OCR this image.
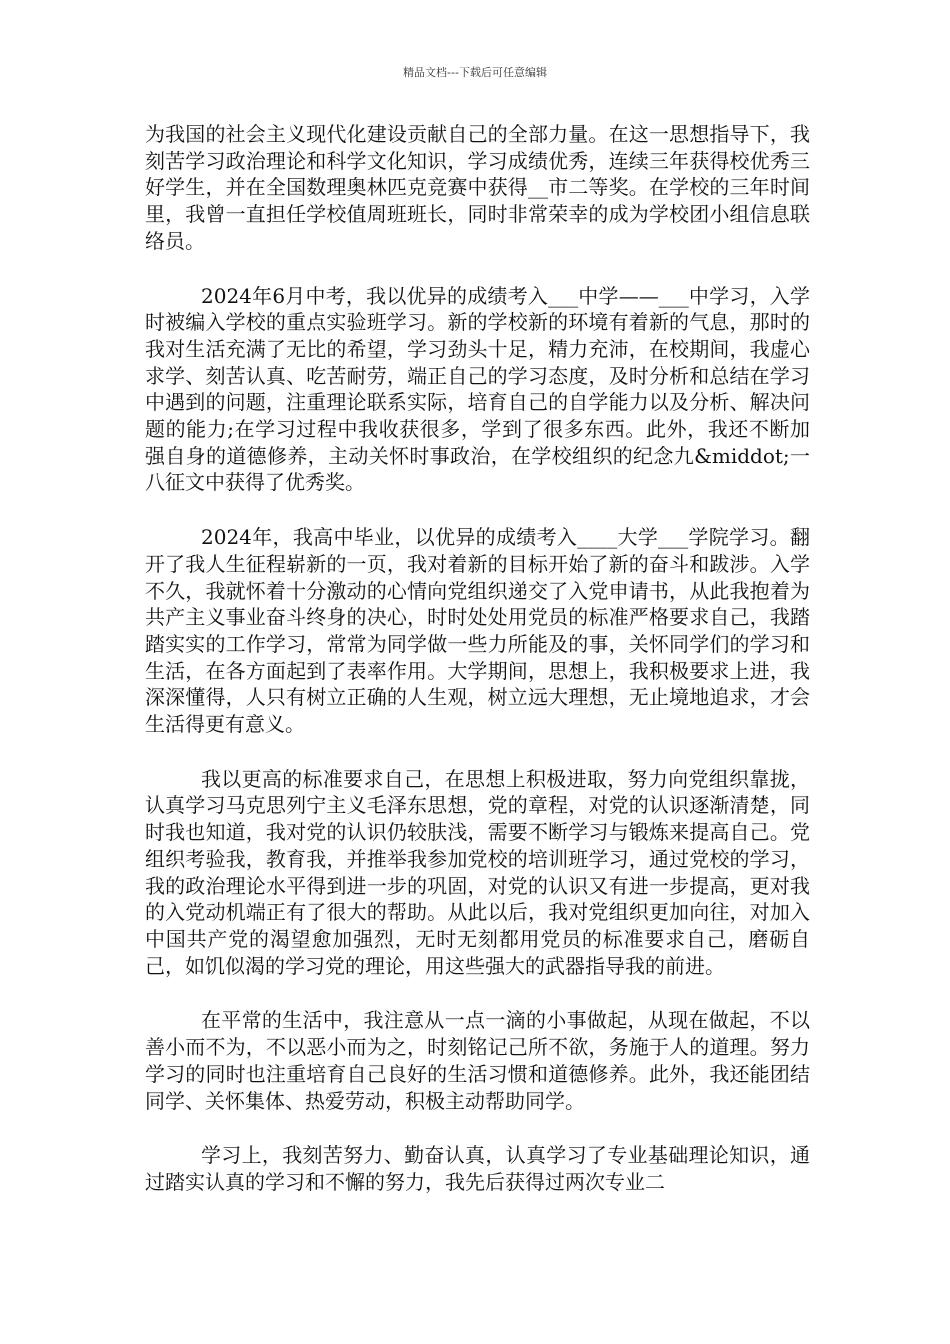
精品文档---下载后可任意编辑

为我国的社会主义现代化建设贡献自己的全部力量。在这一思想指导下，我刻苦学习政治理论和科学文化知识，学习成绩优秀，连续三年获得校优秀三好学生，并在全国数理奥林匹克竞赛中获得__市二等奖。在学校的三年时间里，我曾一直担任学校值周班班长，同时非常荣幸的成为学校团小组信息联络员。

2024年6月中考，我以优异的成绩考入___中学——___中学习，入学时被编入学校的重点实验班学习。新的学校新的环境有着新的气息，那时的我对生活充满了无比的希望，学习劲头十足，精力充沛，在校期间，我虚心求学、刻苦认真、吃苦耐劳，端正自己的学习态度，及时分析和总结在学习中遇到的问题，注重理论联系实际，培育自己的自学能力以及分析、解决问题的能力;在学习过程中我收获很多，学到了很多东西。此外，我还不断加强自身的道德修养，主动关怀时事政治，在学校组织的纪念九&middot;一八征文中获得了优秀奖。

2024年，我高中毕业，以优异的成绩考入____大学___学院学习。翻开了我人生征程崭新的一页，我对着新的目标开始了新的奋斗和跋涉。入学不久，我就怀着十分激动的心情向党组织递交了入党申请书，从此我抱着为共产主义事业奋斗终身的决心，时时处处用党员的标准严格要求自己，我踏踏实实的工作学习，常常为同学做一些力所能及的事，关怀同学们的学习和生活，在各方面起到了表率作用。大学期间，思想上，我积极要求上进，我深深懂得，人只有树立正确的人生观，树立远大理想，无止境地追求，才会生活得更有意义。

我以更高的标准要求自己，在思想上积极进取，努力向党组织靠拢，认真学习马克思列宁主义毛泽东思想，党的章程，对党的认识逐渐清楚，同时我也知道，我对党的认识仍较肤浅，需要不断学习与锻炼来提高自己。党组织考验我，教育我，并推举我参加党校的培训班学习，通过党校的学习，我的政治理论水平得到进一步的巩固，对党的认识又有进一步提高，更对我的入党动机端正有了很大的帮助。从此以后，我对党组织更加向往，对加入中国共产党的渴望愈加强烈，无时无刻都用党员的标准要求自己，磨砺自己，如饥似渴的学习党的理论，用这些强大的武器指导我的前进。

在平常的生活中，我注意从一点一滴的小事做起，从现在做起，不以善小而不为，不以恶小而为之，时刻铭记己所不欲，务施于人的道理。努力学习的同时也注重培育自己良好的生活习惯和道德修养。此外，我还能团结同学、关怀集体、热爱劳动，积极主动帮助同学。

学习上，我刻苦努力、勤奋认真，认真学习了专业基础理论知识，通过踏实认真的学习和不懈的努力，我先后获得过两次专业二
